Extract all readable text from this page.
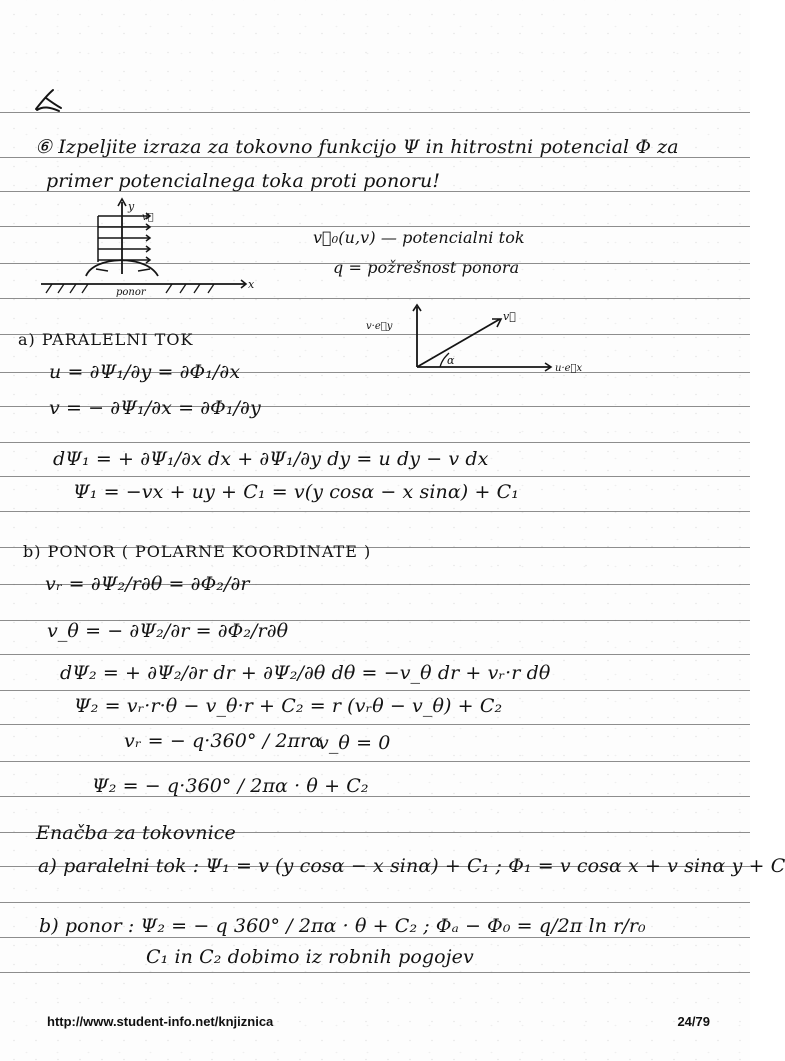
⑥ Izpeljite izraza za tokovno funkcijo Ψ in hitrostni potencial Φ za
primer potencialnega toka proti ponoru!
y
v⃗
x
ponor
v⃗₀(u,v) — potencialni tok
q = požrešnost ponora
α
v⃗
v·e⃗y
u·e⃗x
a) PARALELNI TOK
u = ∂Ψ₁/∂y = ∂Φ₁/∂x
v = − ∂Ψ₁/∂x = ∂Φ₁/∂y
dΨ₁ = + ∂Ψ₁/∂x dx + ∂Ψ₁/∂y dy = u dy − v dx
Ψ₁ = −vx + uy + C₁ = v(y cosα − x sinα) + C₁
b) PONOR ( POLARNE KOORDINATE )
vᵣ = ∂Ψ₂/r∂θ = ∂Φ₂/∂r
v_θ = − ∂Ψ₂/∂r = ∂Φ₂/r∂θ
dΨ₂ = + ∂Ψ₂/∂r dr + ∂Ψ₂/∂θ dθ = −v_θ dr + vᵣ·r dθ
Ψ₂ = vᵣ·r·θ − v_θ·r + C₂ = r (vᵣθ − v_θ) + C₂
vᵣ = − q·360° / 2πrα
v_θ = 0
Ψ₂ = − q·360° / 2πα · θ + C₂
Enačba za tokovnice
a) paralelni tok : Ψ₁ = v (y cosα − x sinα) + C₁ ; Φ₁ = v cosα x + v sinα y + C
b) ponor : Ψ₂ = − q 360° / 2πα · θ + C₂ ; Φₐ − Φ₀ = q/2π ln r/r₀
C₁ in C₂ dobimo iz robnih pogojev
http://www.student-info.net/knjiznica	24/79
